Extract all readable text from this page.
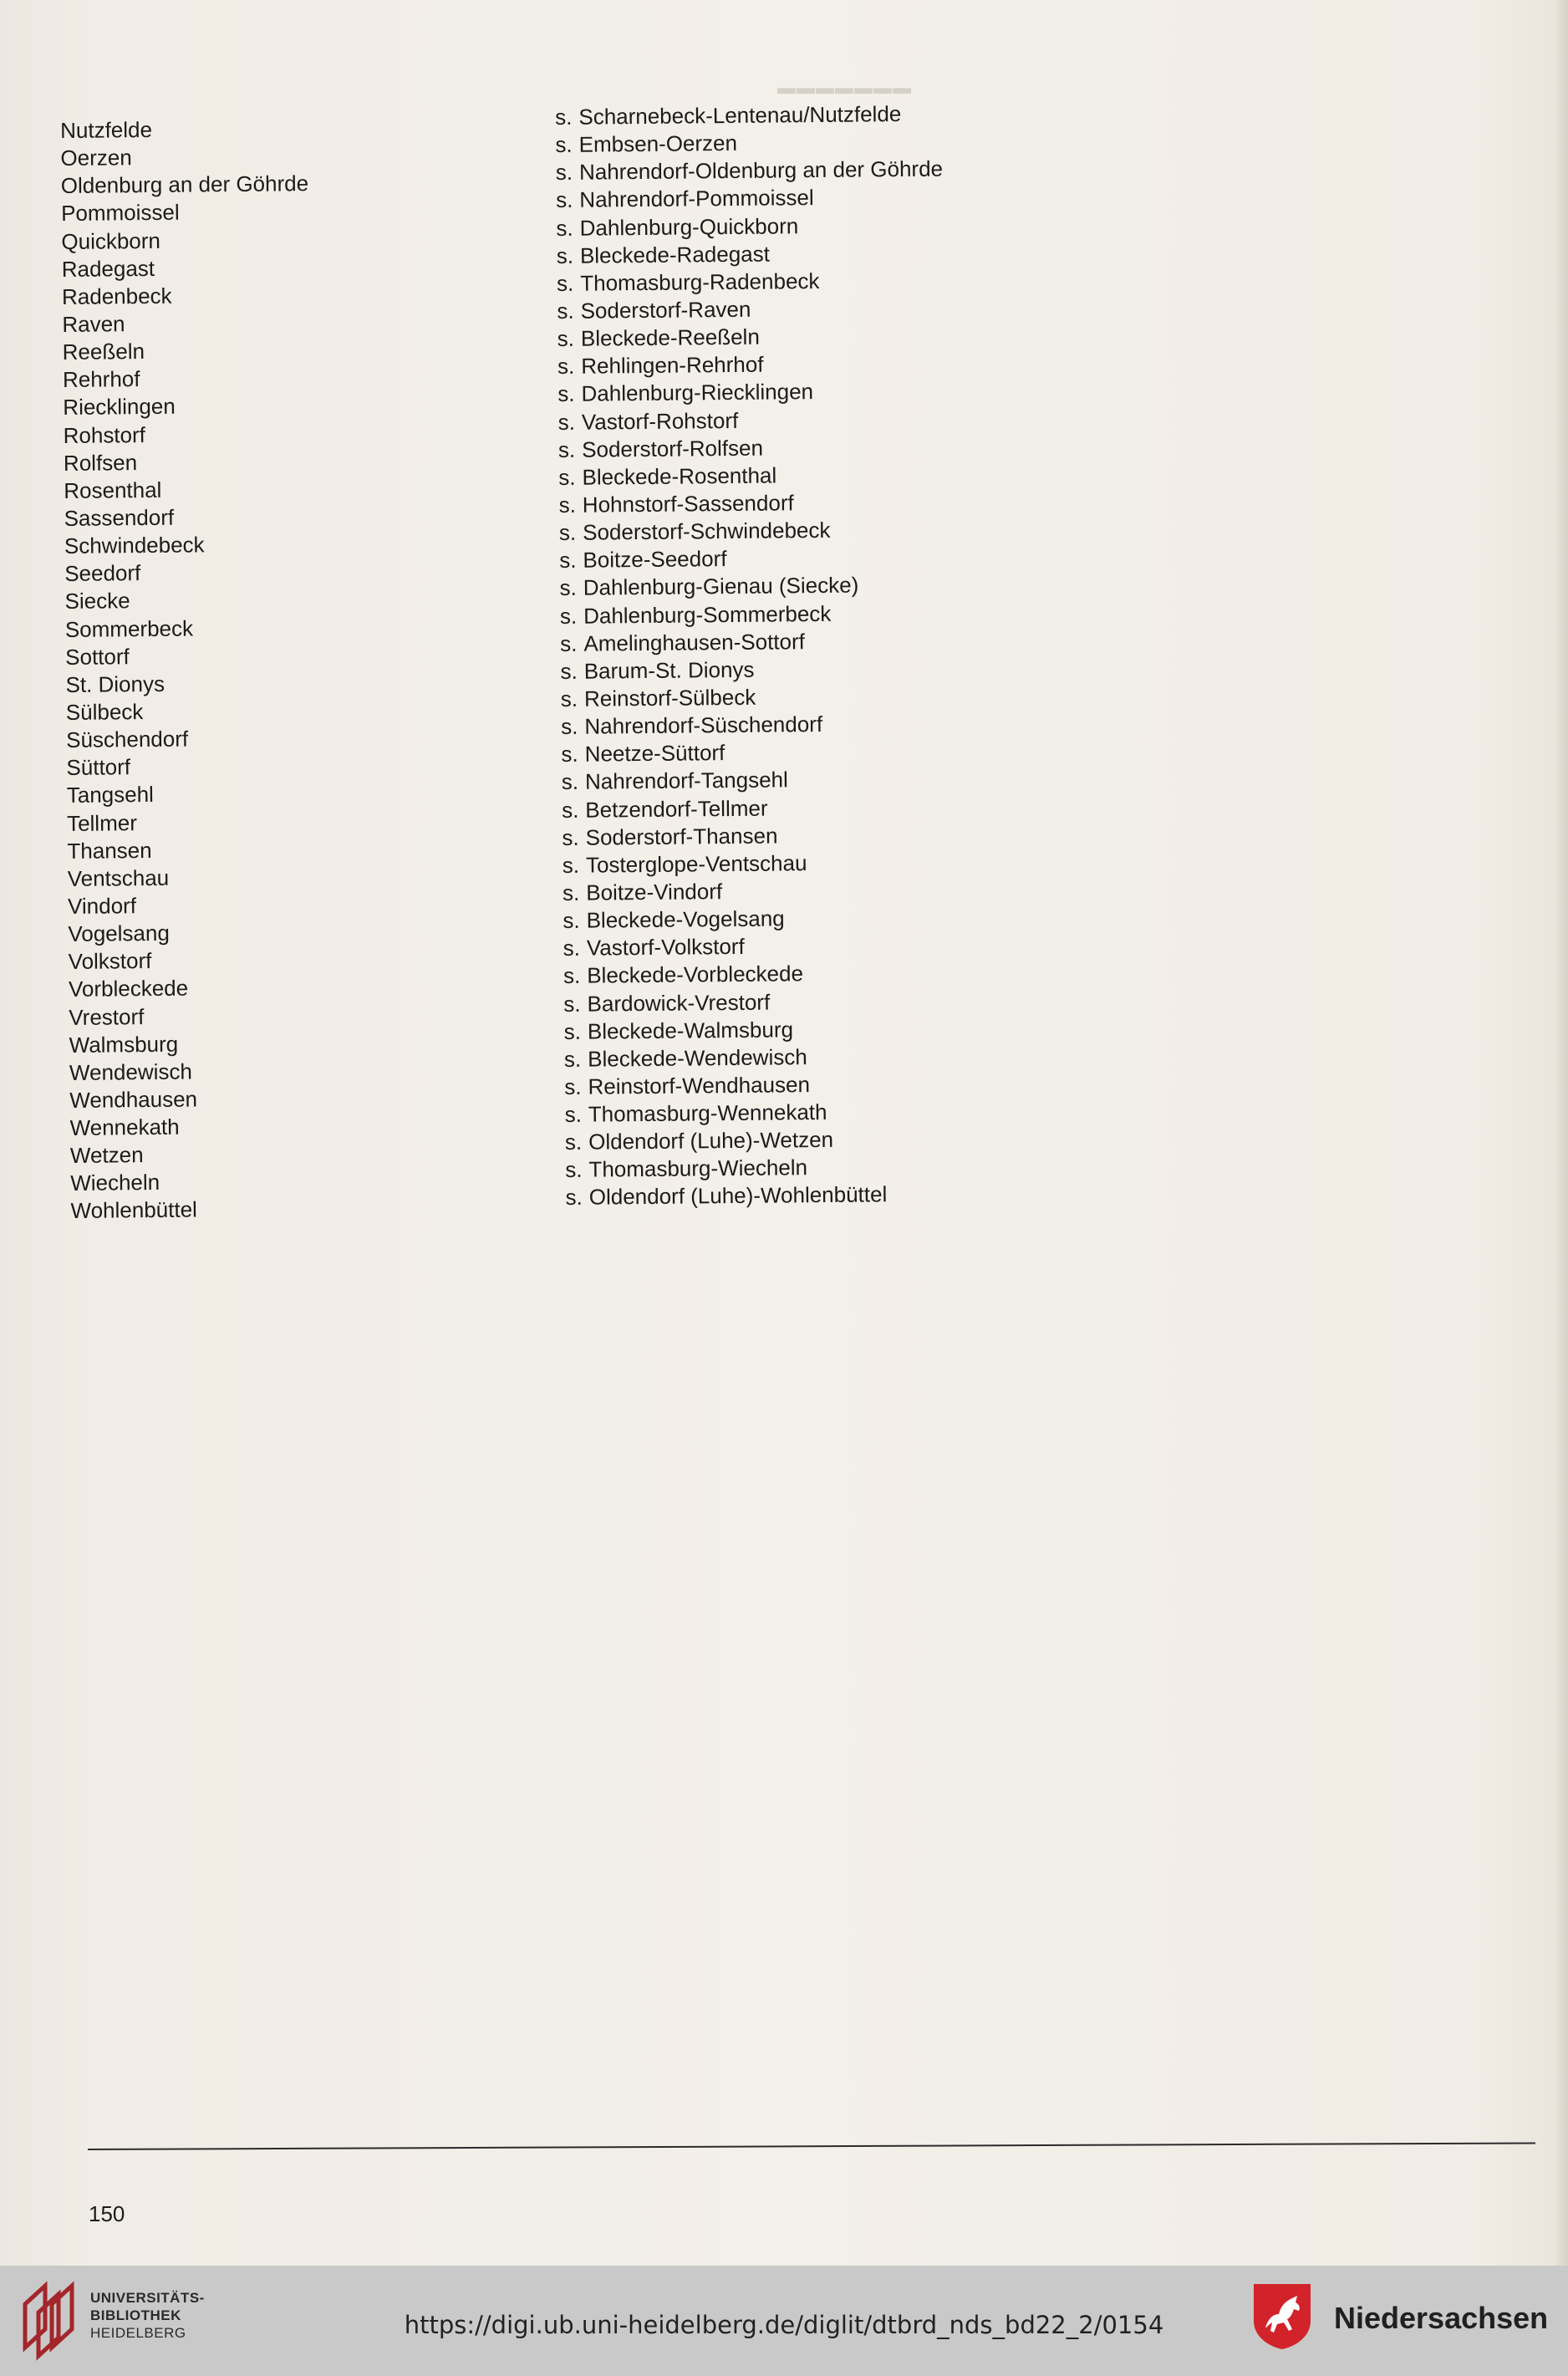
▬▬▬▬▬▬▬
Nutzfelde
Oerzen
Oldenburg an der Göhrde
Pommoissel
Quickborn
Radegast
Radenbeck
Raven
Reeßeln
Rehrhof
Riecklingen
Rohstorf
Rolfsen
Rosenthal
Sassendorf
Schwindebeck
Seedorf
Siecke
Sommerbeck
Sottorf
St. Dionys
Sülbeck
Süschendorf
Süttorf
Tangsehl
Tellmer
Thansen
Ventschau
Vindorf
Vogelsang
Volkstorf
Vorbleckede
Vrestorf
Walmsburg
Wendewisch
Wendhausen
Wennekath
Wetzen
Wiecheln
Wohlenbüttel
s. Scharnebeck-Lentenau/Nutzfelde
s. Embsen-Oerzen
s. Nahrendorf-Oldenburg an der Göhrde
s. Nahrendorf-Pommoissel
s. Dahlenburg-Quickborn
s. Bleckede-Radegast
s. Thomasburg-Radenbeck
s. Soderstorf-Raven
s. Bleckede-Reeßeln
s. Rehlingen-Rehrhof
s. Dahlenburg-Riecklingen
s. Vastorf-Rohstorf
s. Soderstorf-Rolfsen
s. Bleckede-Rosenthal
s. Hohnstorf-Sassendorf
s. Soderstorf-Schwindebeck
s. Boitze-Seedorf
s. Dahlenburg-Gienau (Siecke)
s. Dahlenburg-Sommerbeck
s. Amelinghausen-Sottorf
s. Barum-St. Dionys
s. Reinstorf-Sülbeck
s. Nahrendorf-Süschendorf
s. Neetze-Süttorf
s. Nahrendorf-Tangsehl
s. Betzendorf-Tellmer
s. Soderstorf-Thansen
s. Tosterglope-Ventschau
s. Boitze-Vindorf
s. Bleckede-Vogelsang
s. Vastorf-Volkstorf
s. Bleckede-Vorbleckede
s. Bardowick-Vrestorf
s. Bleckede-Walmsburg
s. Bleckede-Wendewisch
s. Reinstorf-Wendhausen
s. Thomasburg-Wennekath
s. Oldendorf (Luhe)-Wetzen
s. Thomasburg-Wiecheln
s. Oldendorf (Luhe)-Wohlenbüttel
150
UNIVERSITÄTS-
BIBLIOTHEK
HEIDELBERG	https://digi.ub.uni-heidelberg.de/diglit/dtbrd_nds_bd22_2/0154	Niedersachsen
